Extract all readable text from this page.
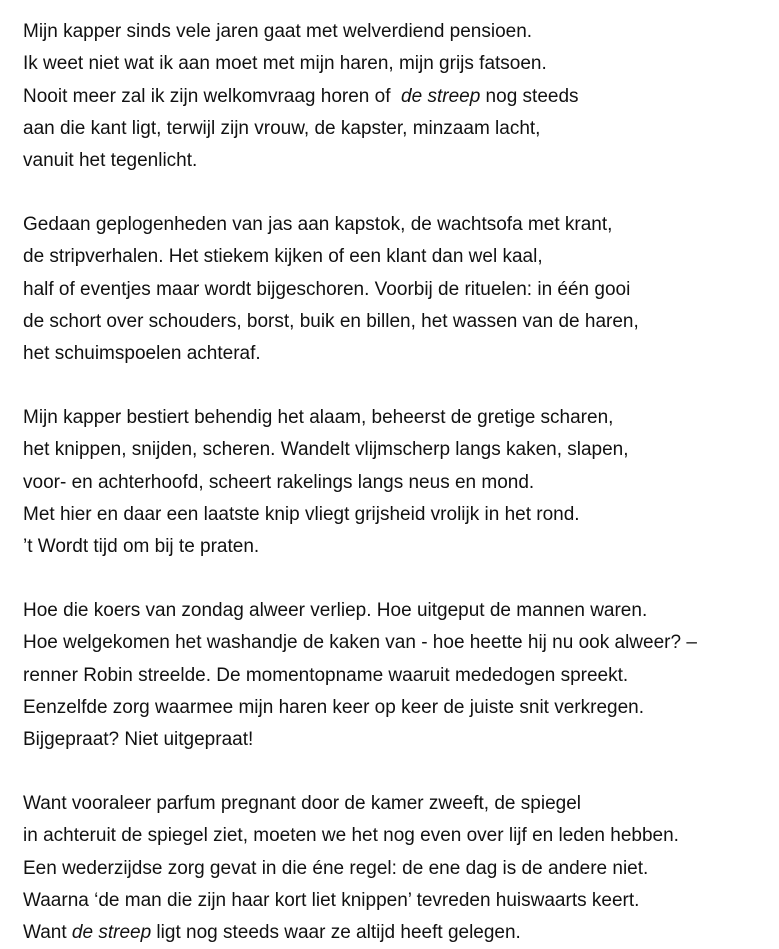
Mijn kapper sinds vele jaren gaat met welverdiend pensioen.
Ik weet niet wat ik aan moet met mijn haren, mijn grijs fatsoen.
Nooit meer zal ik zijn welkomvraag horen of  de streep nog steeds
aan die kant ligt, terwijl zijn vrouw, de kapster, minzaam lacht,
vanuit het tegenlicht.
Gedaan geplogenheden van jas aan kapstok, de wachtsofa met krant,
de stripverhalen. Het stiekem kijken of een klant dan wel kaal,
half of eventjes maar wordt bijgeschoren. Voorbij de rituelen: in één gooi
de schort over schouders, borst, buik en billen, het wassen van de haren,
het schuimspoelen achteraf.
Mijn kapper bestiert behendig het alaam, beheerst de gretige scharen,
het knippen, snijden, scheren. Wandelt vlijmscherp langs kaken, slapen,
voor- en achterhoofd, scheert rakelings langs neus en mond.
Met hier en daar een laatste knip vliegt grijsheid vrolijk in het rond.
’t Wordt tijd om bij te praten.
Hoe die koers van zondag alweer verliep. Hoe uitgeput de mannen waren.
Hoe welgekomen het washandje de kaken van - hoe heette hij nu ook alweer? –
renner Robin streelde. De momentopname waaruit mededogen spreekt.
Eenzelfde zorg waarmee mijn haren keer op keer de juiste snit verkregen.
Bijgepraat? Niet uitgepraat!
Want vooraleer parfum pregnant door de kamer zweeft, de spiegel
in achteruit de spiegel ziet, moeten we het nog even over lijf en leden hebben.
Een wederzijdse zorg gevat in die éne regel: de ene dag is de andere niet.
Waarna ‘de man die zijn haar kort liet knippen’ tevreden huiswaarts keert.
Want de streep ligt nog steeds waar ze altijd heeft gelegen.
